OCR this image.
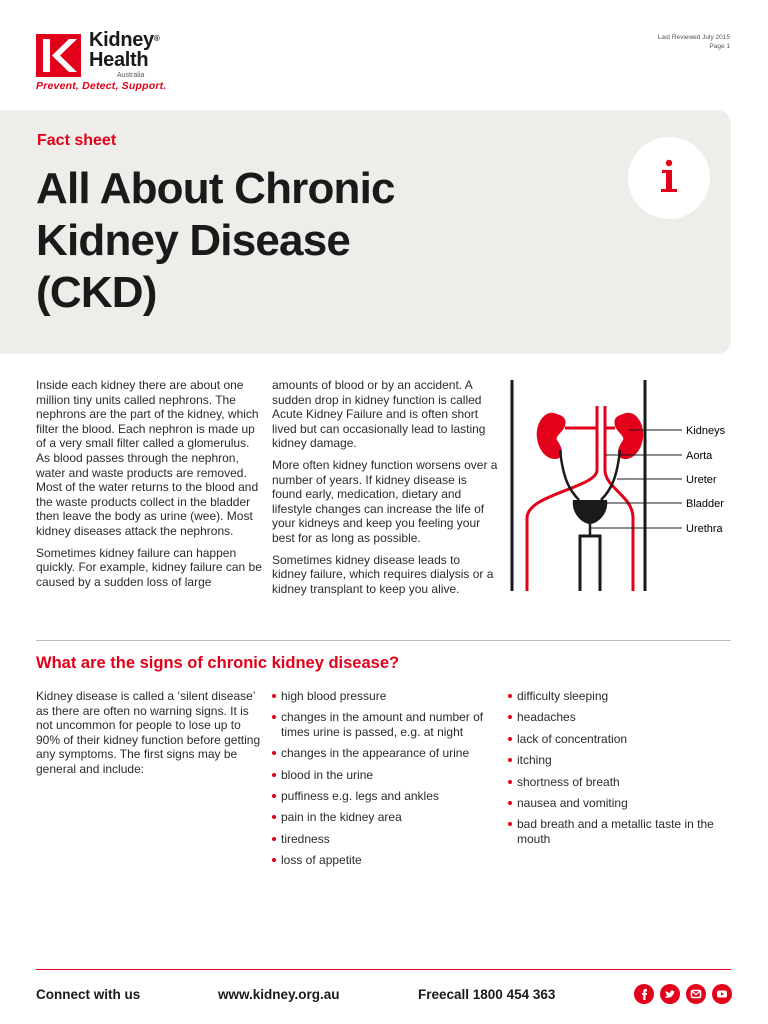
Kidney®
Health
Australia
Prevent, Detect, Support.
Last Reviewed July 2015
Page 1
Fact sheet
All About Chronic
Kidney Disease
(CKD)

Inside each kidney there are about one million tiny units called nephrons. The nephrons are the part of the kidney, which filter the blood. Each nephron is made up of a very small filter called a glomerulus. As blood passes through the nephron, water and waste products are removed. Most of the water returns to the blood and the waste products collect in the bladder then leave the body as urine (wee). Most kidney diseases attack the nephrons.

Sometimes kidney failure can happen quickly. For example, kidney failure can be caused by a sudden loss of large

amounts of blood or by an accident. A sudden drop in kidney function is called Acute Kidney Failure and is often short lived but can occasionally lead to lasting kidney damage.

More often kidney function worsens over a number of years. If kidney disease is found early, medication, dietary and lifestyle changes can increase the life of your kidneys and keep you feeling your best for as long as possible.

Sometimes kidney disease leads to kidney failure, which requires dialysis or a kidney transplant to keep you alive.

Kidneys
Aorta
Ureter
Bladder
Urethra
What are the signs of chronic kidney disease?
Kidney disease is called a ‘silent disease’ as there are often no warning signs. It is not uncommon for people to lose up to 90% of their kidney function before getting any symptoms. The first signs may be general and include:
high blood pressure
changes in the amount and number of times urine is passed, e.g. at night
changes in the appearance of urine
blood in the urine
puffiness e.g. legs and ankles
pain in the kidney area
tiredness
loss of appetite
difficulty sleeping
headaches
lack of concentration
itching
shortness of breath
nausea and vomiting
bad breath and a metallic taste in the mouth
Connect with us	www.kidney.org.au	Freecall 1800 454 363
